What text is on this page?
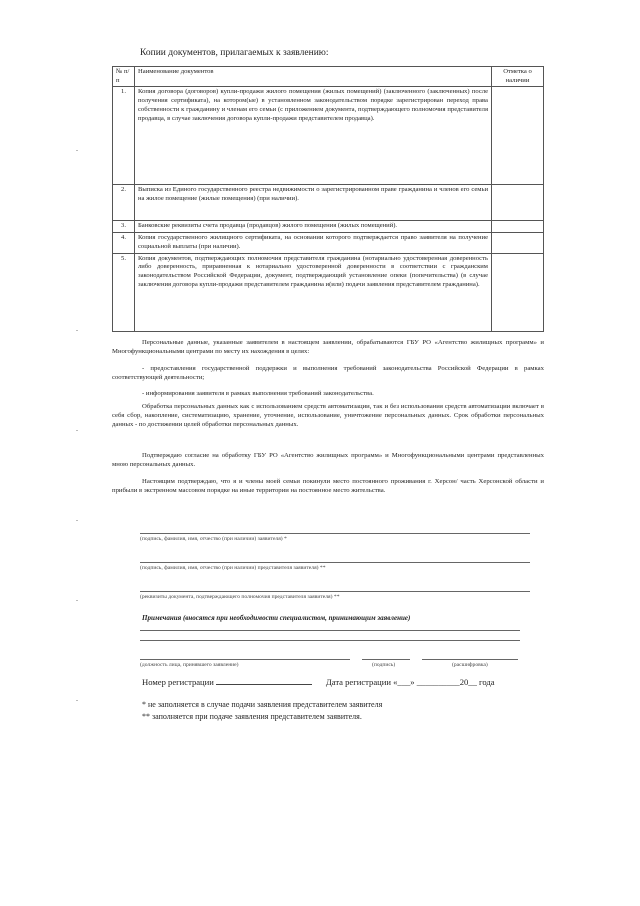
Копии документов, прилагаемых к заявлению:
№ п/п	Наименование документов	Отметка о наличии
1.	Копия договора (договоров) купли-продажи жилого помещения (жилых помещений) (заключенного (заключенных) после получения сертификата), на котором(ые) в установленном законодательством порядке зарегистрирован переход права собственности к гражданину и членам его семьи (с приложением документа, подтверждающего полномочия представителя продавца, в случае заключения договора купли-продажи представителем продавца).	
2.	Выписка из Единого государственного реестра недвижимости о зарегистрированном праве гражданина и членов его семьи на жилое помещение (жилые помещения) (при наличии).	
3.	Банковские реквизиты счета продавца (продавцов) жилого помещения (жилых помещений).	
4.	Копия государственного жилищного сертификата, на основании которого подтверждается право заявителя на получение социальной выплаты (при наличии).	
5.	Копия документов, подтверждающих полномочия представителя гражданина (нотариально удостоверенная доверенность либо доверенность, приравненная к нотариально удостоверенной доверенности в соответствии с гражданским законодательством Российской Федерации, документ, подтверждающий установление опеки (попечительства) (в случае заключения договора купли-продажи представителем гражданина и(или) подачи заявления представителем гражданина).	
Персональные данные, указанные заявителем в настоящем заявлении, обрабатываются ГБУ РО «Агентство жилищных программ» и Многофункциональными центрами по месту их нахождения в целях:
- предоставления государственной поддержки и выполнения требований законодательства Российской Федерации в рамках соответствующей деятельности;
- информирования заявителя в рамках выполнения требований законодательства.
Обработка персональных данных как с использованием средств автоматизации, так и без использования средств автоматизации включает в себя сбор, накопление, систематизацию, хранение, уточнение, использование, уничтожение персональных данных. Срок обработки персональных данных - по достижении целей обработки персональных данных.
Подтверждаю согласие на обработку ГБУ РО «Агентство жилищных программ» и Многофункциональными центрами представленных мною персональных данных.
Настоящим подтверждаю, что я и члены моей семьи покинули место постоянного проживания г. Херсон/ часть Херсонской области и прибыли в экстренном массовом порядке на иные территории на постоянное место жительства.
(подпись, фамилия, имя, отчество (при наличии) заявителя) *
(подпись, фамилия, имя, отчество (при наличии) представителя заявителя) **
(реквизиты документа, подтверждающего полномочия представителя заявителя) **
Примечания (вносятся при необходимости специалистом, принимающим заявление)
(должность лица, принявшего заявление)	(подпись)	(расшифровка)
Номер регистрации	Дата регистрации «___» __________20__ года
* не заполняется в случае подачи заявления представителем заявителя
** заполняется при подаче заявления представителем заявителя.
